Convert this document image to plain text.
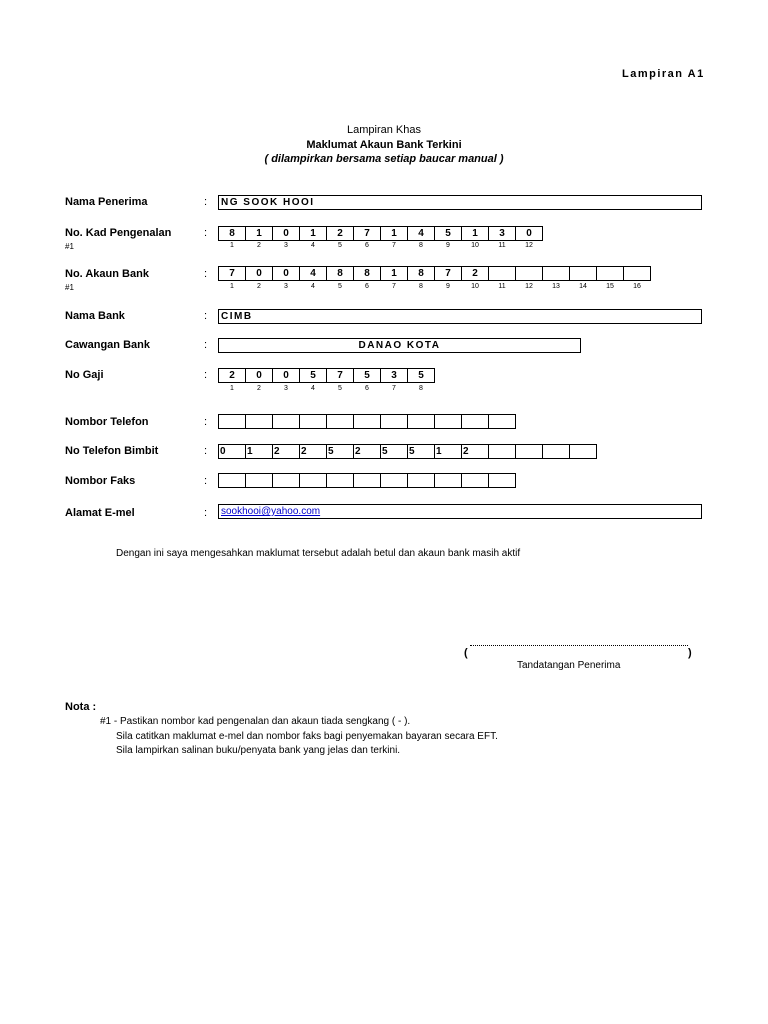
Lampiran A1
Lampiran Khas
Maklumat Akaun Bank Terkini
( dilampirkan bersama setiap baucar manual )
Nama Penerima	:	NG SOOK HOOI
No. Kad Pengenalan
#1
:	8	1	0	1	2	7	1	4	5	1	3	0
1	2	3	4	5	6	7	8	9	10	11	12
No. Akaun Bank
#1
:	7	0	0	4	8	8	1	8	7	2
1	2	3	4	5	6	7	8	9	10	11	12	13	14	15	16
Nama Bank	:	CIMB
Cawangan Bank	:	DANAO KOTA
No Gaji	:	2	0	0	5	7	5	3	5
1	2	3	4	5	6	7	8
Nombor Telefon	:
No Telefon Bimbit	: 0	1	2	2	5	2	5	5	1	2
Nombor Faks	:
Alamat E-mel	:	sookhooi@yahoo.com
Dengan ini saya mengesahkan maklumat tersebut adalah betul dan akaun bank masih aktif
(	)
Tandatangan Penerima
Nota :
#1 - Pastikan nombor kad pengenalan dan akaun tiada sengkang ( - ).
Sila catitkan maklumat e-mel dan nombor faks bagi penyemakan bayaran secara EFT.
Sila lampirkan salinan buku/penyata bank yang jelas dan terkini.
